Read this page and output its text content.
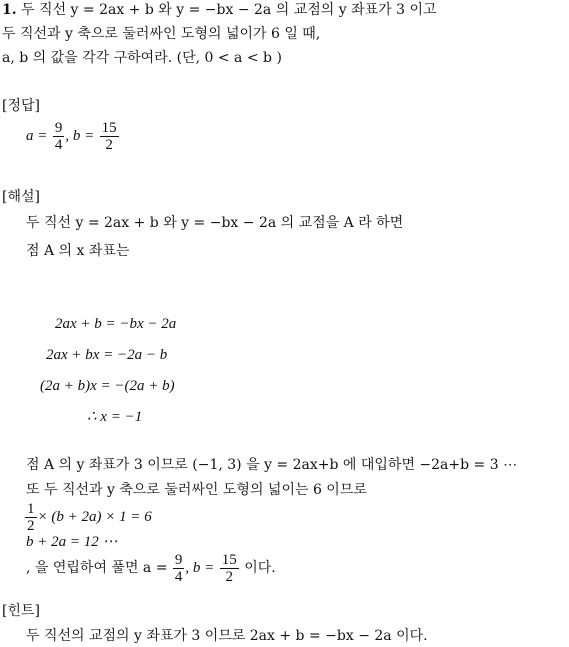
1. 두 직선 y = 2ax + b 와 y = −bx − 2a 의 교점의 y 좌표가 3 이고
두 직선과 y 축으로 둘러싸인 도형의 넓이가 6 일 때,
a, b 의 값을 각각 구하여라. (단, 0 < a < b )
[정답]
$a = \frac{9}{4}$ , $b = \frac{15}{2}$
[해설]
두 직선 y = 2ax + b 와 y = −bx − 2a 의 교점을 A 라 하면
점 A 의 x 좌표는
2ax + b = −bx − 2a
2ax + bx = −2a − b
(2a + b)x = −(2a + b)
∴ x = −1
점 A 의 y 좌표가 3 이므로 (−1, 3) 을 y = 2ax+b 에 대입하면 −2a+b = 3 ⋯
또 두 직선과 y 축으로 둘러싸인 도형의 넓이는 6 이므로
$\frac{1}{2} \times (b + 2a) \times 1 = 6$
b + 2a = 12 ⋯
, 을 연립하여 풀면 $a = \frac{9}{4}$ , $b = \frac{15}{2}$ 이다.
[힌트]
두 직선의 교점의 y 좌표가 3 이므로 2ax + b = −bx − 2a 이다.
